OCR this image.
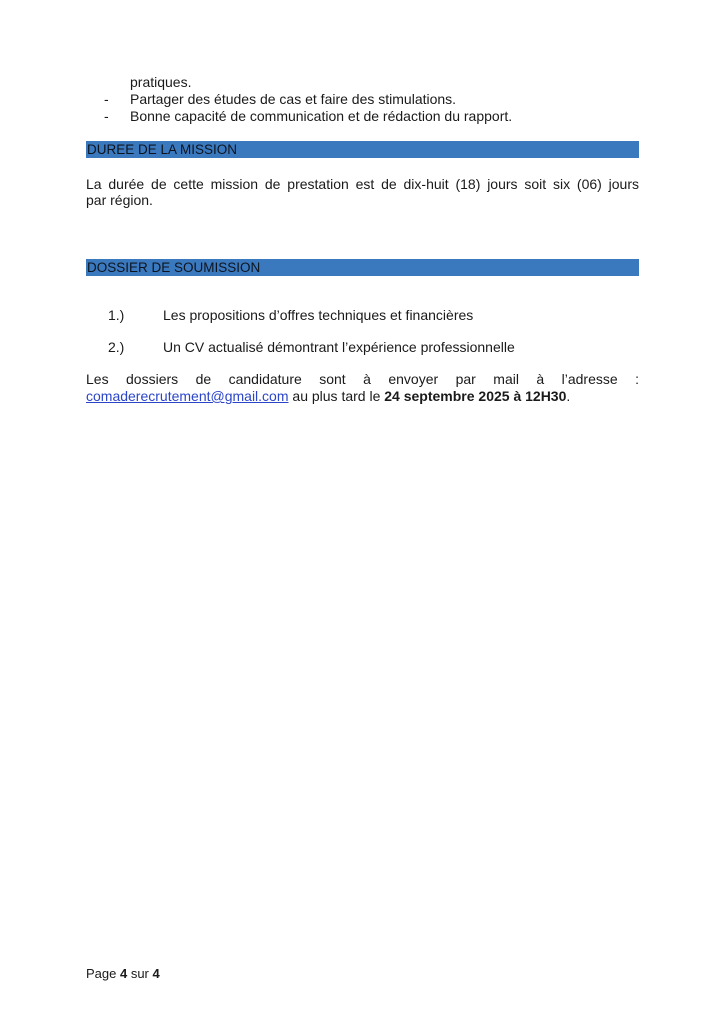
pratiques.
- Partager des études de cas et faire des stimulations.
- Bonne capacité de communication et de rédaction du rapport.
DUREE DE LA MISSION
La durée de cette mission de prestation est de dix-huit (18) jours soit six (06) jours
par région.
DOSSIER DE SOUMISSION
1.)	Les propositions d’offres techniques et financières
2.)	Un CV actualisé démontrant l’expérience professionnelle
Les dossiers de candidature sont à envoyer par mail à l’adresse :
comaderecrutement@gmail.com au plus tard le 24 septembre 2025 à 12H30.
Page 4 sur 4
